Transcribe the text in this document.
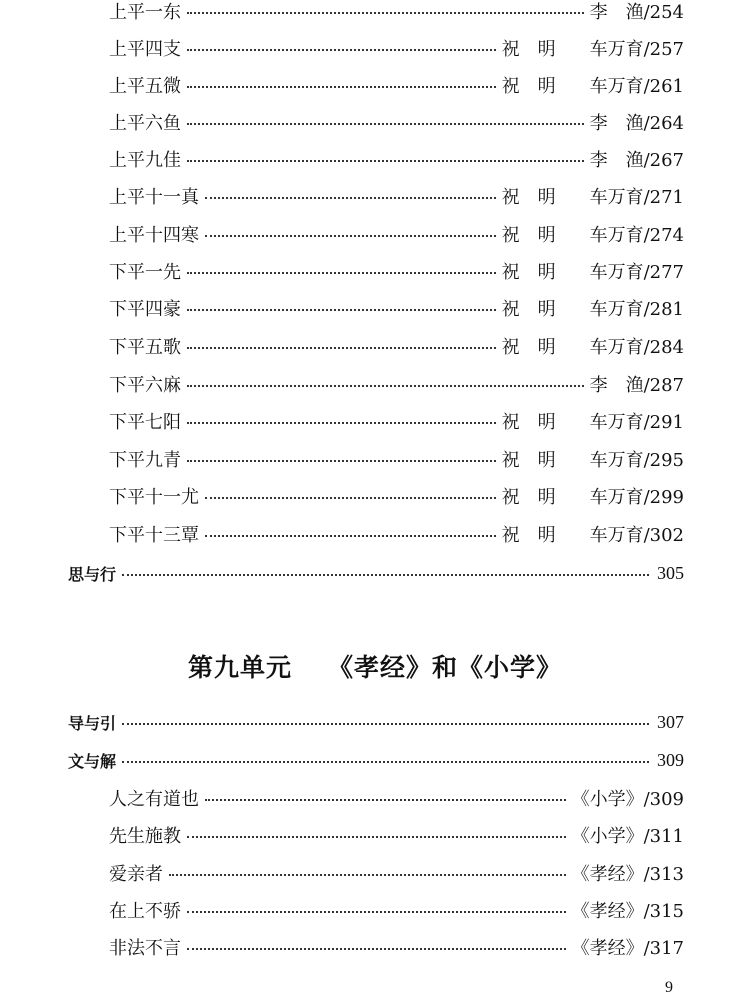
上平一东	李　渔/254
上平四支	祝明 车万育/257
上平五微	祝明 车万育/261
上平六鱼	李　渔/264
上平九佳	李　渔/267
上平十一真	祝明 车万育/271
上平十四寒	祝明 车万育/274
下平一先	祝明 车万育/277
下平四豪	祝明 车万育/281
下平五歌	祝明 车万育/284
下平六麻	李　渔/287
下平七阳	祝明 车万育/291
下平九青	祝明 车万育/295
下平十一尤	祝明 车万育/299
下平十三覃	祝明 车万育/302
思与行	305
第九单元 《孝经》和《小学》
导与引	307
文与解	309
人之有道也	《小学》/309
先生施教	《小学》/311
爱亲者	《孝经》/313
在上不骄	《孝经》/315
非法不言	《孝经》/317
9
